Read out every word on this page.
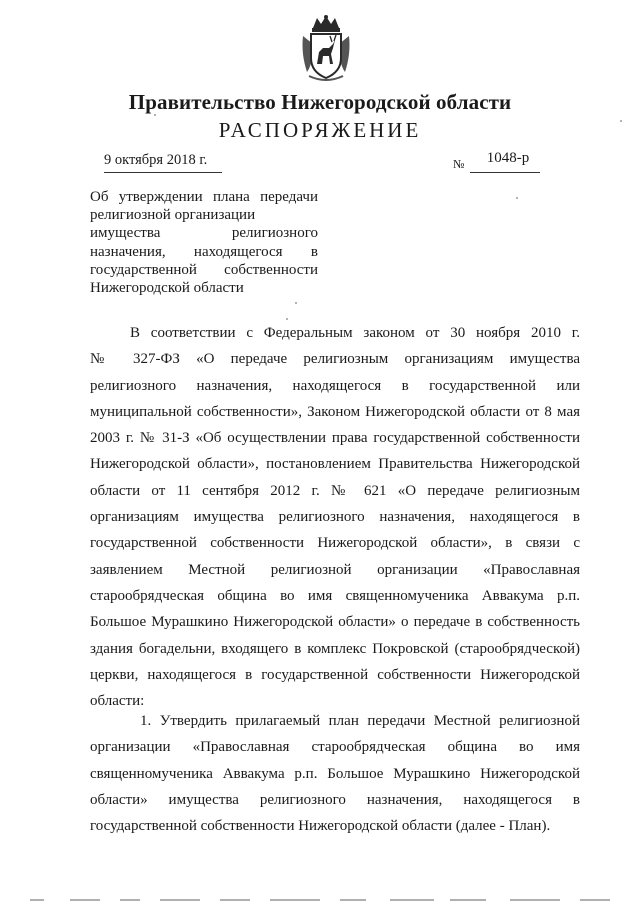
Правительство Нижегородской области
РАСПОРЯЖЕНИЕ
9 октября 2018 г.	№	1048-р
Об утверждении плана передачи
религиозной организации
имущества религиозного
назначения, находящегося в
государственной собственности
Нижегородской области
В соответствии с Федеральным законом от 30 ноября 2010 г.
№ 327-ФЗ «О передаче религиозным организациям имущества
религиозного назначения, находящегося в государственной или
муниципальной собственности», Законом Нижегородской области от 8 мая
2003 г. № 31-З «Об осуществлении права государственной собственности
Нижегородской области», постановлением Правительства Нижегородской
области от 11 сентября 2012 г. № 621 «О передаче религиозным
организациям имущества религиозного назначения, находящегося в
государственной собственности Нижегородской области», в связи с
заявлением Местной религиозной организации «Православная
старообрядческая община во имя священномученика Аввакума р.п.
Большое Мурашкино Нижегородской области» о передаче в собственность
здания богадельни, входящего в комплекс Покровской (старообрядческой)
церкви, находящегося в государственной собственности Нижегородской
области:
1. Утвердить прилагаемый план передачи Местной религиозной
организации «Православная старообрядческая община во имя
священномученика Аввакума р.п. Большое Мурашкино Нижегородской
области» имущества религиозного назначения, находящегося в
государственной собственности Нижегородской области (далее - План).
